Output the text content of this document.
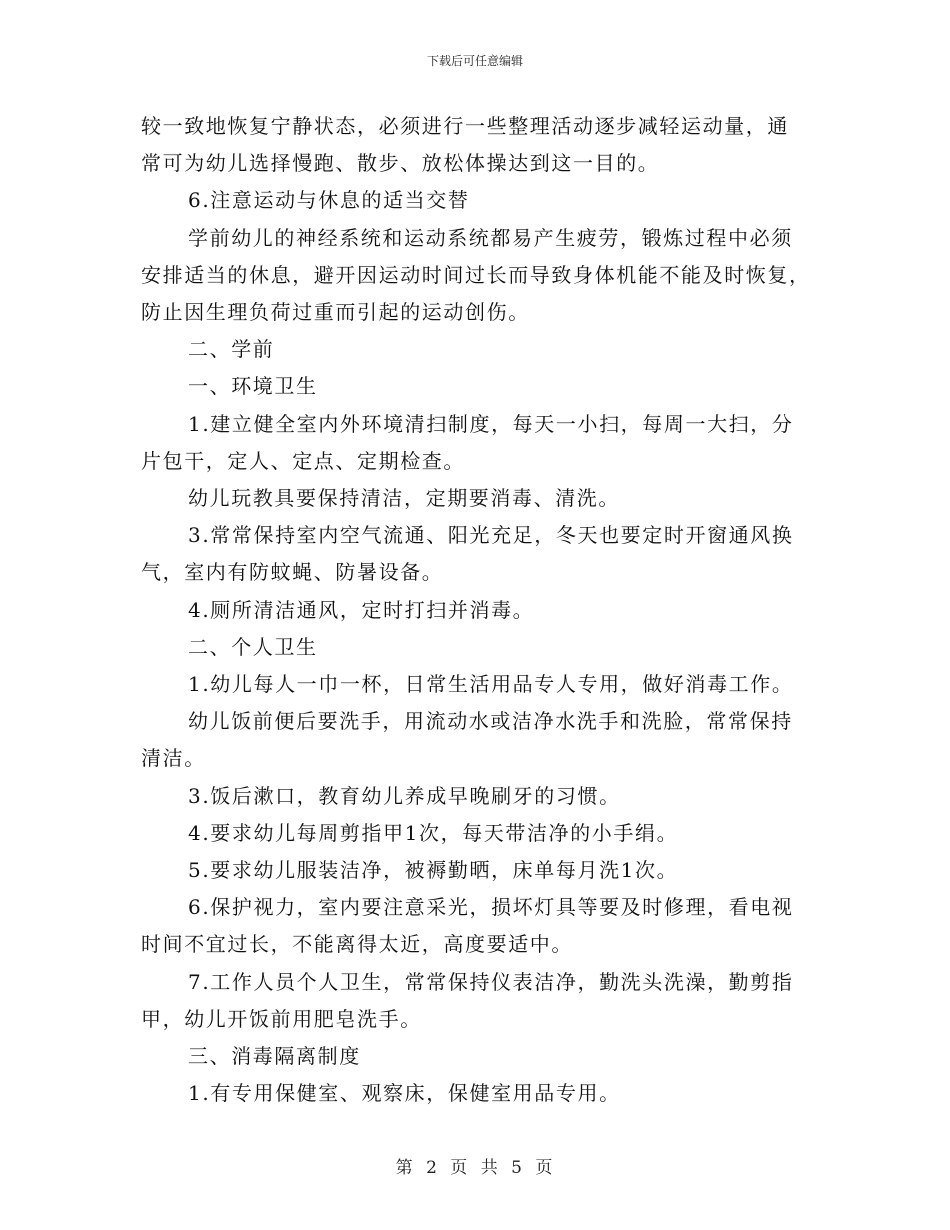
下载后可任意编辑

较一致地恢复宁静状态，必须进行一些整理活动逐步减轻运动量，通

常可为幼儿选择慢跑、散步、放松体操达到这一目的。

6.注意运动与休息的适当交替

学前幼儿的神经系统和运动系统都易产生疲劳，锻炼过程中必须

安排适当的休息，避开因运动时间过长而导致身体机能不能及时恢复，

防止因生理负荷过重而引起的运动创伤。

二、学前

一、环境卫生

1.建立健全室内外环境清扫制度，每天一小扫，每周一大扫，分

片包干，定人、定点、定期检查。

幼儿玩教具要保持清洁，定期要消毒、清洗。

3.常常保持室内空气流通、阳光充足，冬天也要定时开窗通风换

气，室内有防蚊蝇、防暑设备。

4.厕所清洁通风，定时打扫并消毒。

二、个人卫生

1.幼儿每人一巾一杯，日常生活用品专人专用，做好消毒工作。

幼儿饭前便后要洗手，用流动水或洁净水洗手和洗脸，常常保持

清洁。

3.饭后漱口，教育幼儿养成早晚刷牙的习惯。

4.要求幼儿每周剪指甲1次，每天带洁净的小手绢。

5.要求幼儿服装洁净，被褥勤晒，床单每月洗1次。

6.保护视力，室内要注意采光，损坏灯具等要及时修理，看电视

时间不宜过长，不能离得太近，高度要适中。

7.工作人员个人卫生，常常保持仪表洁净，勤洗头洗澡，勤剪指

甲，幼儿开饭前用肥皂洗手。

三、消毒隔离制度

1.有专用保健室、观察床，保健室用品专用。

第 2 页 共 5 页
